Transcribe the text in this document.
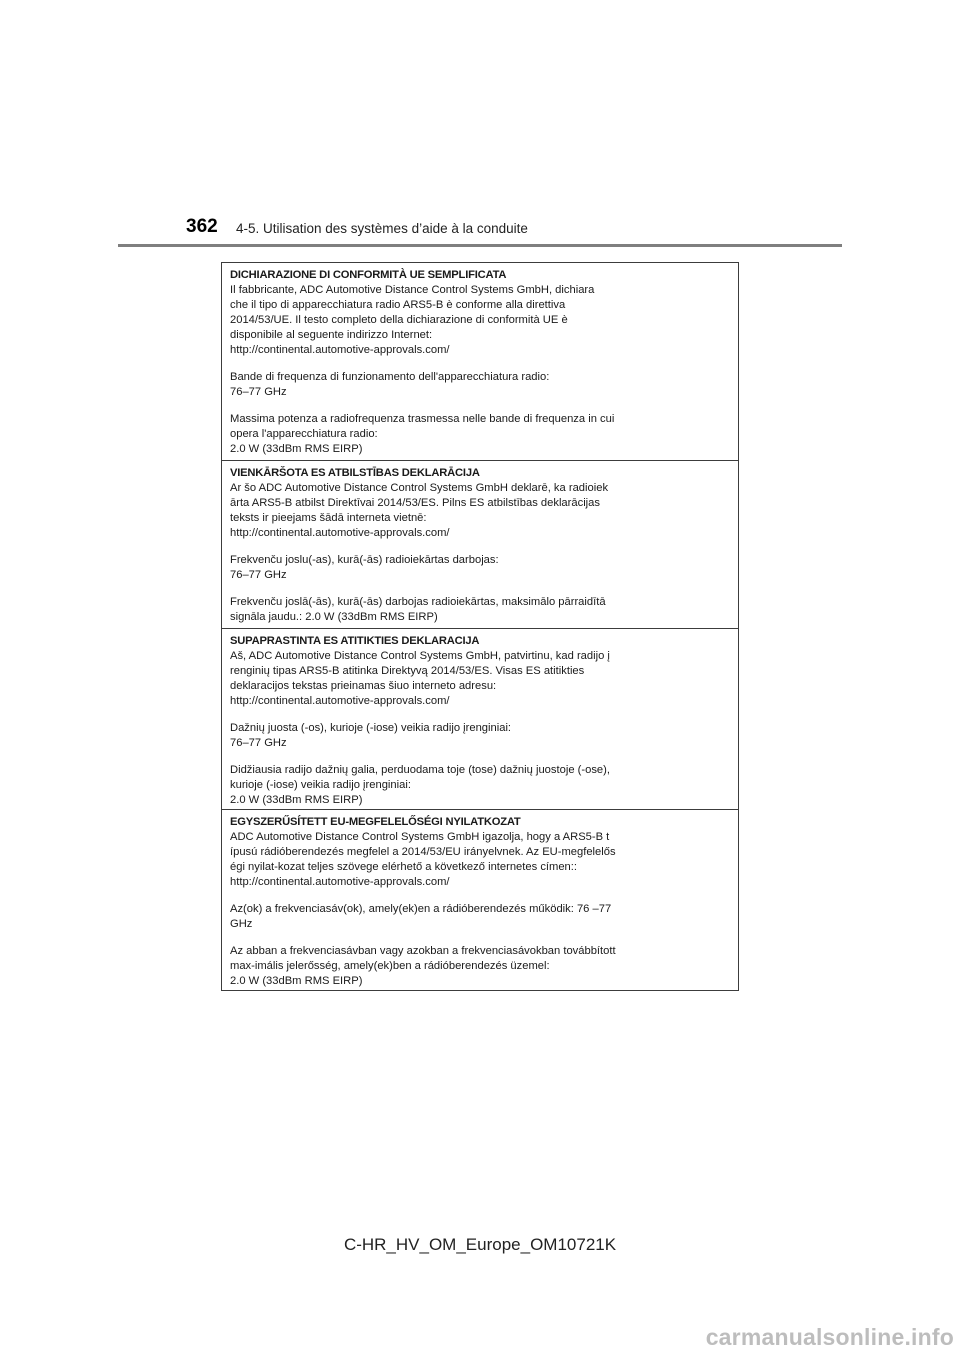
362 4-5. Utilisation des systèmes d’aide à la conduite
DICHIARAZIONE DI CONFORMITÀ UE SEMPLIFICATA
Il fabbricante, ADC Automotive Distance Control Systems GmbH, dichiara
che il tipo di apparecchiatura radio ARS5-B è conforme alla direttiva
2014/53/UE. Il testo completo della dichiarazione di conformità UE è
disponibile al seguente indirizzo Internet:
http://continental.automotive-approvals.com/
Bande di frequenza di funzionamento dell'apparecchiatura radio:
76–77 GHz
Massima potenza a radiofrequenza trasmessa nelle bande di frequenza in cui
opera l'apparecchiatura radio:
2.0 W (33dBm RMS EIRP)
VIENKĀRŠOTA ES ATBILSTĪBAS DEKLARĀCIJA
Ar šo ADC Automotive Distance Control Systems GmbH deklarē, ka radioiek
ārta ARS5-B atbilst Direktīvai 2014/53/ES. Pilns ES atbilstības deklarācijas
teksts ir pieejams šādā interneta vietnē:
http://continental.automotive-approvals.com/
Frekvenču joslu(-as), kurā(-ās) radioiekārtas darbojas:
76–77 GHz
Frekvenču joslā(-ās), kurā(-ās) darbojas radioiekārtas, maksimālo pārraidītā
signāla jaudu.: 2.0 W (33dBm RMS EIRP)
SUPAPRASTINTA ES ATITIKTIES DEKLARACIJA
Aš, ADC Automotive Distance Control Systems GmbH, patvirtinu, kad radijo į
renginių tipas ARS5-B atitinka Direktyvą 2014/53/ES. Visas ES atitikties
deklaracijos tekstas prieinamas šiuo interneto adresu:
http://continental.automotive-approvals.com/
Dažnių juosta (-os), kurioje (-iose) veikia radijo įrenginiai:
76–77 GHz
Didžiausia radijo dažnių galia, perduodama toje (tose) dažnių juostoje (-ose),
kurioje (-iose) veikia radijo įrenginiai:
2.0 W (33dBm RMS EIRP)
EGYSZERŰSÍTETT EU-MEGFELELŐSÉGI NYILATKOZAT
ADC Automotive Distance Control Systems GmbH igazolja, hogy a ARS5-B t
ípusú rádióberendezés megfelel a 2014/53/EU irányelvnek. Az EU-megfelelős
égi nyilat-kozat teljes szövege elérhető a következő internetes címen::
http://continental.automotive-approvals.com/
Az(ok) a frekvenciasáv(ok), amely(ek)en a rádióberendezés működik: 76 –77
GHz
Az abban a frekvenciasávban vagy azokban a frekvenciasávokban továbbított
max-imális jelerősség, amely(ek)ben a rádióberendezés üzemel:
2.0 W (33dBm RMS EIRP)
C-HR_HV_OM_Europe_OM10721K
carmanualsonline.info
